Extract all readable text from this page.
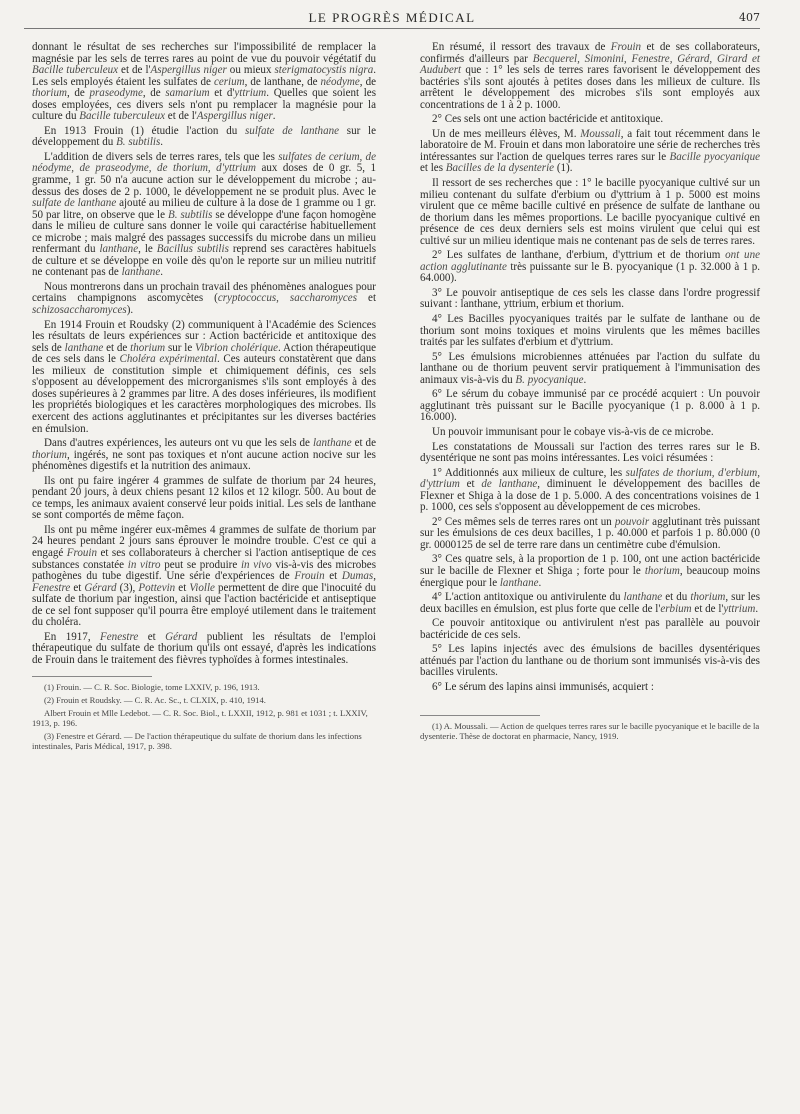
LE PROGRÈS MÉDICAL	407

donnant le résultat de ses recherches sur l'impossibilité de remplacer la magnésie par les sels de terres rares au point de vue du pouvoir végétatif du Bacille tuberculeux et de l'Aspergillus niger ou mieux sterigmatocystis nigra. Les sels employés étaient les sulfates de cerium, de lanthane, de néodyme, de thorium, de praseodyme, de samarium et d'yttrium. Quelles que soient les doses employées, ces divers sels n'ont pu remplacer la magnésie pour la culture du Bacille tuberculeux et de l'Aspergillus niger.

En 1913 Frouin (1) étudie l'action du sulfate de lanthane sur le développement du B. subtilis.

L'addition de divers sels de terres rares, tels que les sulfates de cerium, de néodyme, de praseodyme, de thorium, d'yttrium aux doses de 0 gr. 5, 1 gramme, 1 gr. 50 n'a aucune action sur le développement du microbe ; au-dessus des doses de 2 p. 1000, le développement ne se produit plus. Avec le sulfate de lanthane ajouté au milieu de culture à la dose de 1 gramme ou 1 gr. 50 par litre, on observe que le B. subtilis se développe d'une façon homogène dans le milieu de culture sans donner le voile qui caractérise habituellement ce microbe ; mais malgré des passages successifs du microbe dans un milieu renfermant du lanthane, le Bacillus subtilis reprend ses caractères habituels de culture et se développe en voile dès qu'on le reporte sur un milieu nutritif ne contenant pas de lanthane.

Nous montrerons dans un prochain travail des phénomènes analogues pour certains champignons ascomycètes (cryptococcus, saccharomyces et schizosaccharomyces).

En 1914 Frouin et Roudsky (2) communiquent à l'Académie des Sciences les résultats de leurs expériences sur : Action bactéricide et antitoxique des sels de lanthane et de thorium sur le Vibrion cholérique. Action thérapeutique de ces sels dans le Choléra expérimental. Ces auteurs constatèrent que dans les milieux de constitution simple et chimiquement définis, ces sels s'opposent au développement des microrganismes s'ils sont employés à des doses supérieures à 2 grammes par litre. A des doses inférieures, ils modifient les propriétés biologiques et les caractères morphologiques des microbes. Ils exercent des actions agglutinantes et précipitantes sur les diverses bactéries en émulsion.

Dans d'autres expériences, les auteurs ont vu que les sels de lanthane et de thorium, ingérés, ne sont pas toxiques et n'ont aucune action nocive sur les phénomènes digestifs et la nutrition des animaux.

Ils ont pu faire ingérer 4 grammes de sulfate de thorium par 24 heures, pendant 20 jours, à deux chiens pesant 12 kilos et 12 kilogr. 500. Au bout de ce temps, les animaux avaient conservé leur poids initial. Les sels de lanthane se sont comportés de même façon.

Ils ont pu même ingérer eux-mêmes 4 grammes de sulfate de thorium par 24 heures pendant 2 jours sans éprouver le moindre trouble. C'est ce qui a engagé Frouin et ses collaborateurs à chercher si l'action antiseptique de ces substances constatée in vitro peut se produire in vivo vis-à-vis des microbes pathogènes du tube digestif. Une série d'expériences de Frouin et Dumas, Fenestre et Gérard (3), Pottevin et Violle permettent de dire que l'inocuité du sulfate de thorium par ingestion, ainsi que l'action bactéricide et antiseptique de ce sel font supposer qu'il pourra être employé utilement dans le traitement du choléra.

En 1917, Fenestre et Gérard publient les résultats de l'emploi thérapeutique du sulfate de thorium qu'ils ont essayé, d'après les indications de Frouin dans le traitement des fièvres typhoïdes à formes intestinales.

(1) Frouin. — C. R. Soc. Biologie, tome LXXIV, p. 196, 1913.

(2) Frouin et Roudsky. — C. R. Ac. Sc., t. CLXIX, p. 410, 1914.

Albert Frouin et Mlle Ledebot. — C. R. Soc. Biol., t. LXXII, 1912, p. 981 et 1031 ; t. LXXIV, 1913, p. 196.

(3) Fenestre et Gérard. — De l'action thérapeutique du sulfate de thorium dans les infections intestinales, Paris Médical, 1917, p. 398.

En résumé, il ressort des travaux de Frouin et de ses collaborateurs, confirmés d'ailleurs par Becquerel, Simonini, Fenestre, Gérard, Girard et Audubert que : 1° les sels de terres rares favorisent le développement des bactéries s'ils sont ajoutés à petites doses dans les milieux de culture. Ils arrêtent le développement des microbes s'ils sont employés aux concentrations de 1 à 2 p. 1000.

2° Ces sels ont une action bactéricide et antitoxique.

Un de mes meilleurs élèves, M. Moussali, a fait tout récemment dans le laboratoire de M. Frouin et dans mon laboratoire une série de recherches très intéressantes sur l'action de quelques terres rares sur le Bacille pyocyanique et les Bacilles de la dysenterie (1).

Il ressort de ses recherches que : 1° le bacille pyocyanique cultivé sur un milieu contenant du sulfate d'erbium ou d'yttrium à 1 p. 5000 est moins virulent que ce même bacille cultivé en présence de sulfate de lanthane ou de thorium dans les mêmes proportions. Le bacille pyocyanique cultivé en présence de ces deux derniers sels est moins virulent que celui qui est cultivé sur un milieu identique mais ne contenant pas de sels de terres rares.

2° Les sulfates de lanthane, d'erbium, d'yttrium et de thorium ont une action agglutinante très puissante sur le B. pyocyanique (1 p. 32.000 à 1 p. 64.000).

3° Le pouvoir antiseptique de ces sels les classe dans l'ordre progressif suivant : lanthane, yttrium, erbium et thorium.

4° Les Bacilles pyocyaniques traités par le sulfate de lanthane ou de thorium sont moins toxiques et moins virulents que les mêmes bacilles traités par les sulfates d'erbium et d'yttrium.

5° Les émulsions microbiennes atténuées par l'action du sulfate du lanthane ou de thorium peuvent servir pratiquement à l'immunisation des animaux vis-à-vis du B. pyocyanique.

6° Le sérum du cobaye immunisé par ce procédé acquiert : Un pouvoir agglutinant très puissant sur le Bacille pyocyanique (1 p. 8.000 à 1 p. 16.000).

Un pouvoir immunisant pour le cobaye vis-à-vis de ce microbe.

Les constatations de Moussali sur l'action des terres rares sur le B. dysentérique ne sont pas moins intéressantes. Les voici résumées :

1° Additionnés aux milieux de culture, les sulfates de thorium, d'erbium, d'yttrium et de lanthane, diminuent le développement des bacilles de Flexner et Shiga à la dose de 1 p. 5.000. A des concentrations voisines de 1 p. 1000, ces sels s'opposent au développement de ces microbes.

2° Ces mêmes sels de terres rares ont un pouvoir agglutinant très puissant sur les émulsions de ces deux bacilles, 1 p. 40.000 et parfois 1 p. 80.000 (0 gr. 0000125 de sel de terre rare dans un centimètre cube d'émulsion.

3° Ces quatre sels, à la proportion de 1 p. 100, ont une action bactéricide sur le bacille de Flexner et Shiga ; forte pour le thorium, beaucoup moins énergique pour le lanthane.

4° L'action antitoxique ou antivirulente du lanthane et du thorium, sur les deux bacilles en émulsion, est plus forte que celle de l'erbium et de l'yttrium.

Ce pouvoir antitoxique ou antivirulent n'est pas parallèle au pouvoir bactéricide de ces sels.

5° Les lapins injectés avec des émulsions de bacilles dysentériques atténués par l'action du lanthane ou de thorium sont immunisés vis-à-vis des bacilles virulents.

6° Le sérum des lapins ainsi immunisés, acquiert :

(1) A. Moussali. — Action de quelques terres rares sur le bacille pyocyanique et le bacille de la dysenterie. Thèse de doctorat en pharmacie, Nancy, 1919.
